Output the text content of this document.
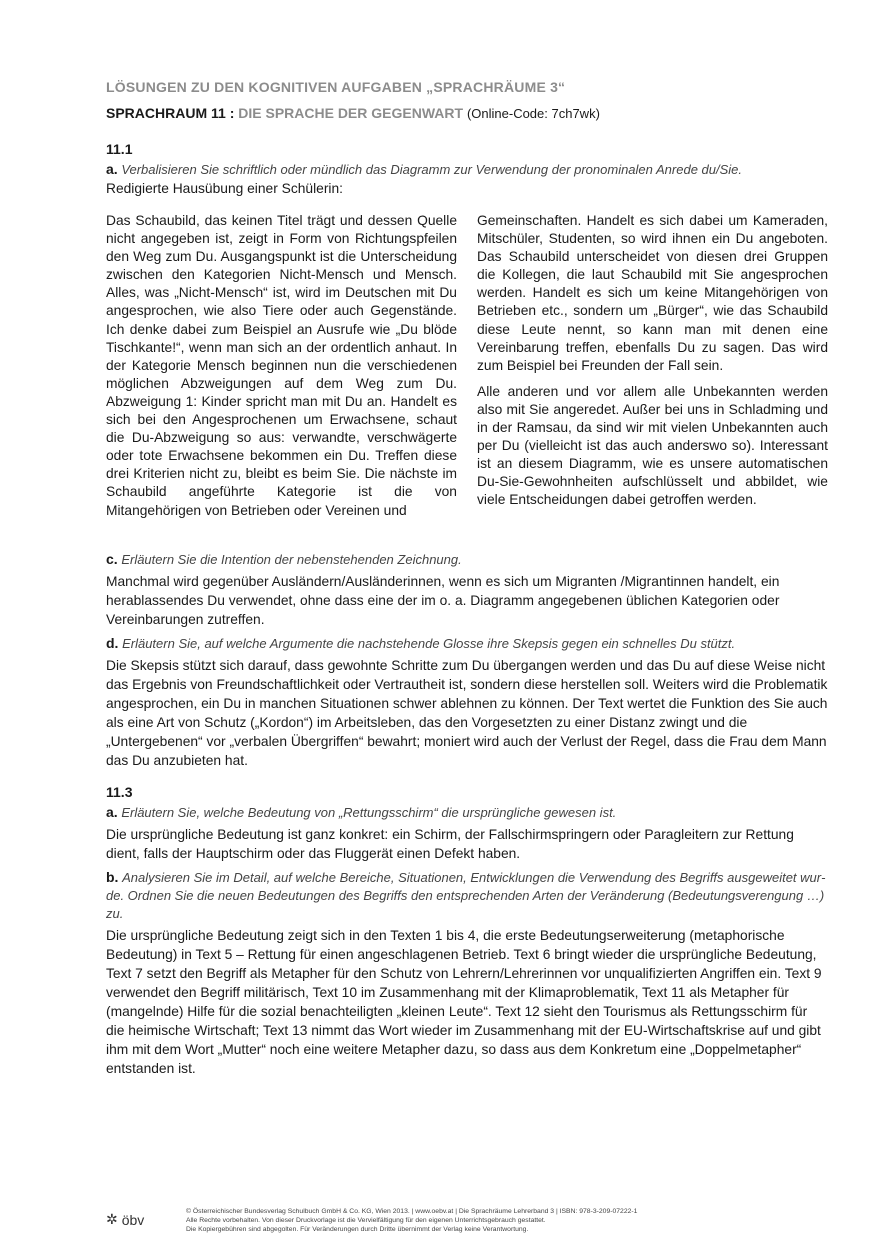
LÖSUNGEN ZU DEN KOGNITIVEN AUFGABEN „SPRACHRÄUME 3“
SPRACHRAUM 11 : DIE SPRACHE DER GEGENWART (Online-Code: 7ch7wk)
11.1
a. Verbalisieren Sie schriftlich oder mündlich das Diagramm zur Verwendung der pronominalen Anrede du/Sie.
Redigierte Hausübung einer Schülerin:

Das Schaubild, das keinen Titel trägt und dessen Quelle nicht angegeben ist, zeigt in Form von Richtungspfeilen den Weg zum Du. Ausgangspunkt ist die Unterscheidung zwischen den Kategorien Nicht-Mensch und Mensch. Alles, was „Nicht-Mensch“ ist, wird im Deutschen mit Du angesprochen, wie also Tiere oder auch Gegenstände. Ich denke dabei zum Beispiel an Ausrufe wie „Du blöde Tischkante!“, wenn man sich an der ordentlich anhaut. In der Kategorie Mensch beginnen nun die verschiedenen möglichen Abzweigungen auf dem Weg zum Du. Abzweigung 1: Kinder spricht man mit Du an. Handelt es sich bei den Angesprochenen um Erwachsene, schaut die Du-Abzweigung so aus: verwandte, verschwägerte oder tote Erwachsene bekommen ein Du. Treffen diese drei Kriterien nicht zu, bleibt es beim Sie. Die nächste im Schaubild angeführte Kategorie ist die von Mitangehörigen von Betrieben oder Vereinen und

Gemeinschaften. Handelt es sich dabei um Kameraden, Mitschüler, Studenten, so wird ihnen ein Du angeboten. Das Schaubild unterscheidet von diesen drei Gruppen die Kollegen, die laut Schaubild mit Sie angesprochen werden. Handelt es sich um keine Mitangehörigen von Betrieben etc., sondern um „Bürger“, wie das Schaubild diese Leute nennt, so kann man mit denen eine Vereinbarung treffen, ebenfalls Du zu sagen. Das wird zum Beispiel bei Freunden der Fall sein.

Alle anderen und vor allem alle Unbekannten werden also mit Sie angeredet. Außer bei uns in Schladming und in der Ramsau, da sind wir mit vielen Unbekannten auch per Du (vielleicht ist das auch anderswo so). Interessant ist an diesem Diagramm, wie es unsere automatischen Du-Sie-Gewohnheiten aufschlüsselt und abbildet, wie viele Entscheidungen dabei getroffen werden.

c. Erläutern Sie die Intention der nebenstehenden Zeichnung.
Manchmal wird gegenüber Ausländern/Ausländerinnen, wenn es sich um Migranten /Migrantinnen handelt, ein herablassendes Du verwendet, ohne dass eine der im o. a. Diagramm angegebenen üblichen Kategorien oder Vereinbarungen zutreffen.
d. Erläutern Sie, auf welche Argumente die nachstehende Glosse ihre Skepsis gegen ein schnelles Du stützt.
Die Skepsis stützt sich darauf, dass gewohnte Schritte zum Du übergangen werden und das Du auf diese Weise nicht das Ergebnis von Freundschaftlichkeit oder Vertrautheit ist, sondern diese herstellen soll. Weiters wird die Problematik angesprochen, ein Du in manchen Situationen schwer ablehnen zu können. Der Text wertet die Funktion des Sie auch als eine Art von Schutz („Kordon“) im Arbeitsleben, das den Vorgesetzten zu einer Distanz zwingt und die „Untergebenen“ vor „verbalen Übergriffen“ bewahrt; moniert wird auch der Verlust der Regel, dass die Frau dem Mann das Du anzubieten hat.
11.3
a. Erläutern Sie, welche Bedeutung von „Rettungsschirm“ die ursprüngliche gewesen ist.
Die ursprüngliche Bedeutung ist ganz konkret: ein Schirm, der Fallschirmspringern oder Paragleitern zur Rettung dient, falls der Hauptschirm oder das Fluggerät einen Defekt haben.
b. Analysieren Sie im Detail, auf welche Bereiche, Situationen, Entwicklungen die Verwendung des Begriffs ausgeweitet wurde. Ordnen Sie die neuen Bedeutungen des Begriffs den entsprechenden Arten der Veränderung (Bedeutungsverengung …) zu.
Die ursprüngliche Bedeutung zeigt sich in den Texten 1 bis 4, die erste Bedeutungserweiterung (metaphorische Bedeutung) in Text 5 – Rettung für einen angeschlagenen Betrieb. Text 6 bringt wieder die ursprüngliche Bedeutung, Text 7 setzt den Begriff als Metapher für den Schutz von Lehrern/Lehrerinnen vor unqualifizierten Angriffen ein. Text 9 verwendet den Begriff militärisch, Text 10 im Zusammenhang mit der Klimaproblematik, Text 11 als Metapher für (mangelnde) Hilfe für die sozial benachteiligten „kleinen Leute“. Text 12 sieht den Tourismus als Rettungsschirm für die heimische Wirtschaft; Text 13 nimmt das Wort wieder im Zusammenhang mit der EU-Wirtschaftskrise auf und gibt ihm mit dem Wort „Mutter“ noch eine weitere Metapher dazu, so dass aus dem Konkretum eine „Doppelmetapher“ entstanden ist.
✲ öbv	© Österreichischer Bundesverlag Schulbuch GmbH & Co. KG, Wien 2013. | www.oebv.at | Die Sprachräume Lehrerband 3 | ISBN: 978-3-209-07222-1
Alle Rechte vorbehalten. Von dieser Druckvorlage ist die Vervielfältigung für den eigenen Unterrichtsgebrauch gestattet.
Die Kopiergebühren sind abgegolten. Für Veränderungen durch Dritte übernimmt der Verlag keine Verantwortung.
